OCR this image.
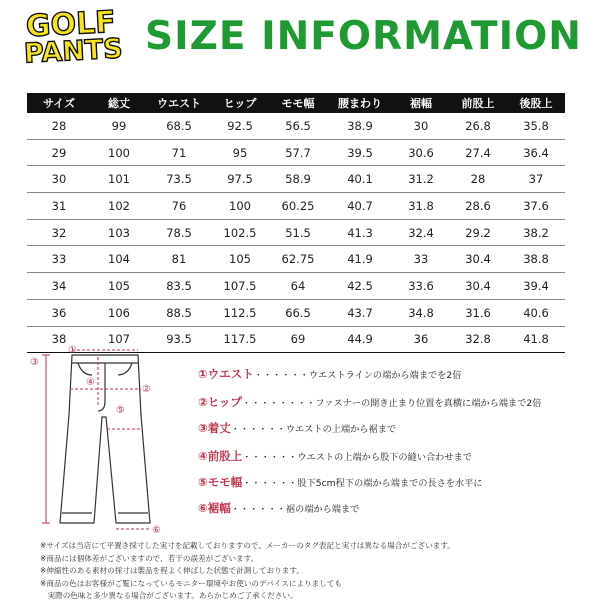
GOLF
PANTS SIZE INFORMATION
サイズ	総丈	ウエスト	ヒップ	モモ幅	腰まわり	裾幅	前股上	後股上
28	99	68.5	92.5	56.5	38.9	30	26.8	35.8
29	100	71	95	57.7	39.5	30.6	27.4	36.4
30	101	73.5	97.5	58.9	40.1	31.2	28	37
31	102	76	100	60.25	40.7	31.8	28.6	37.6
32	103	78.5	102.5	51.5	41.3	32.4	29.2	38.2
33	104	81	105	62.75	41.9	33	30.4	38.8
34	105	83.5	107.5	64	42.5	33.6	30.4	39.4
36	106	88.5	112.5	66.5	43.7	34.8	31.6	40.6
38	107	93.5	117.5	69	44.9	36	32.8	41.8
①
②
③
④
⑤
⑥
①ウエスト・・・・・・ウエストラインの端から端までを2倍
②ヒップ・・・・・・・・ファスナーの開き止まり位置を真横に端から端まで2倍
③着丈・・・・・・ウエストの上端から裾まで
④前股上・・・・・・ウエストの上端から股下の縫い合わせまで
⑤モモ幅・・・・・・股下5cm程下の端から端までの長さを水平に
⑥裾幅・・・・・・裾の端から端まで
※サイズは当店にて平置き採寸した実寸を記載しておりますので、メーカーのタグ表記と実寸は異なる場合がございます。
※商品には個体差がございますので、若干の誤差がございます。
※伸縮性のある素材の採寸は製品を程よく伸ばした状態で計測しております。
※商品の色はお客様がご覧になっているモニター環境やお使いのデバイスによりましても
　実際の色味と多少異なる場合がございます。あらかじめご了承ください。
